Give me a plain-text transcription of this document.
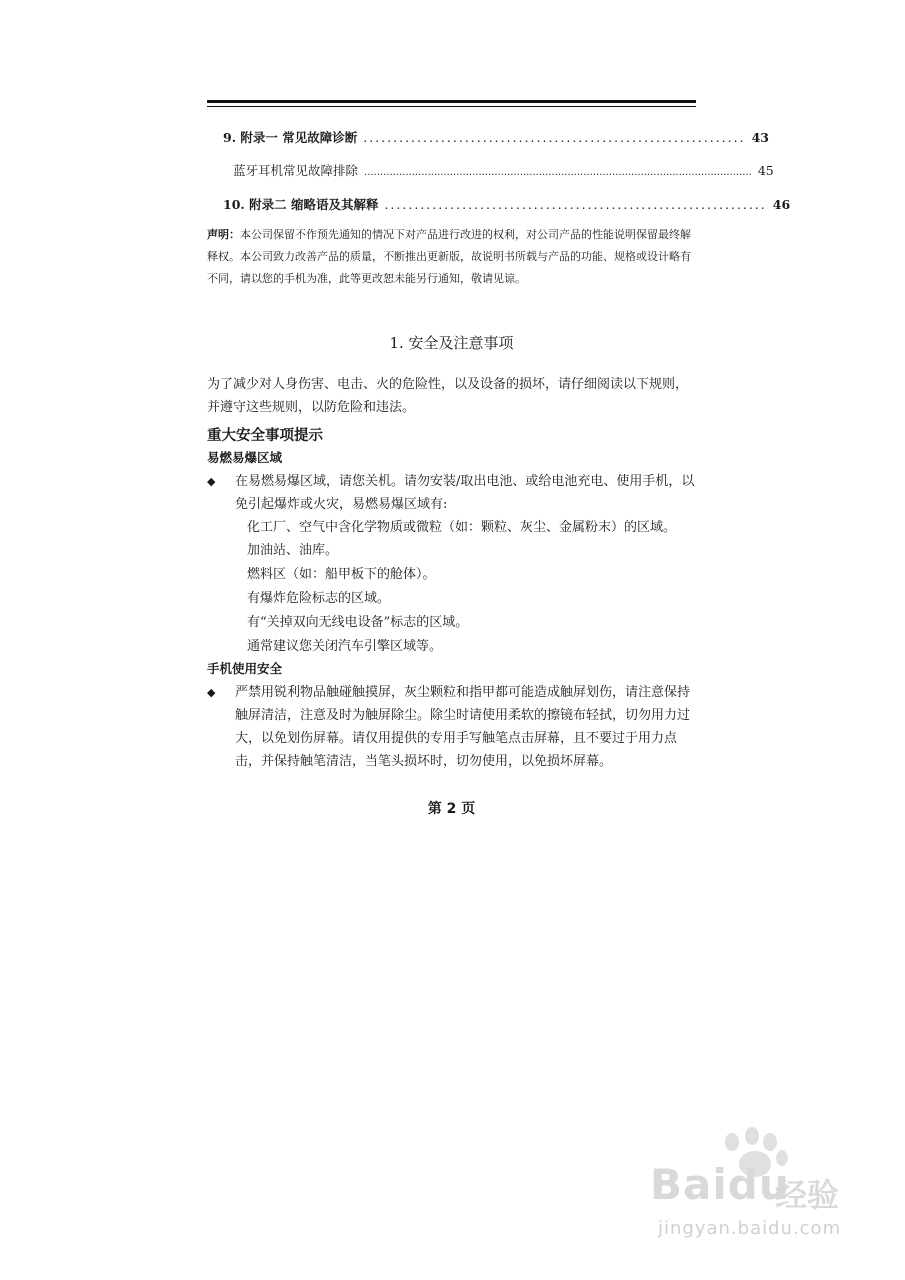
9. 附录一 常见故障诊断 ................................................................ 43
蓝牙耳机常见故障排除 .......................................................................................................................... 45
10. 附录二 缩略语及其解释 ................................................................ 46
声明：本公司保留不作预先通知的情况下对产品进行改进的权利，对公司产品的性能说明保留最终解释权。本公司致力改善产品的质量，不断推出更新版，故说明书所载与产品的功能、规格或设计略有不同，请以您的手机为准，此等更改恕未能另行通知，敬请见谅。
1. 安全及注意事项
为了减少对人身伤害、电击、火的危险性，以及设备的损坏，请仔细阅读以下规则，并遵守这些规则，以防危险和违法。
重大安全事项提示
易燃易爆区域
◆ 在易燃易爆区域，请您关机。请勿安装/取出电池、或给电池充电、使用手机，以免引起爆炸或火灾，易燃易爆区域有:
化工厂、空气中含化学物质或微粒（如：颗粒、灰尘、金属粉末）的区域。
加油站、油库。
燃料区（如：船甲板下的舱体）。
有爆炸危险标志的区域。
有“关掉双向无线电设备”标志的区域。
通常建议您关闭汽车引擎区域等。
手机使用安全
◆ 严禁用锐利物品触碰触摸屏，灰尘颗粒和指甲都可能造成触屏划伤，请注意保持触屏清洁，注意及时为触屏除尘。除尘时请使用柔软的擦镜布轻拭，切勿用力过大，以免划伤屏幕。请仅用提供的专用手写触笔点击屏幕，且不要过于用力点击，并保持触笔清洁，当笔头损坏时，切勿使用，以免损坏屏幕。
第 2 页
Baidu
经验
jingyan.baidu.com
